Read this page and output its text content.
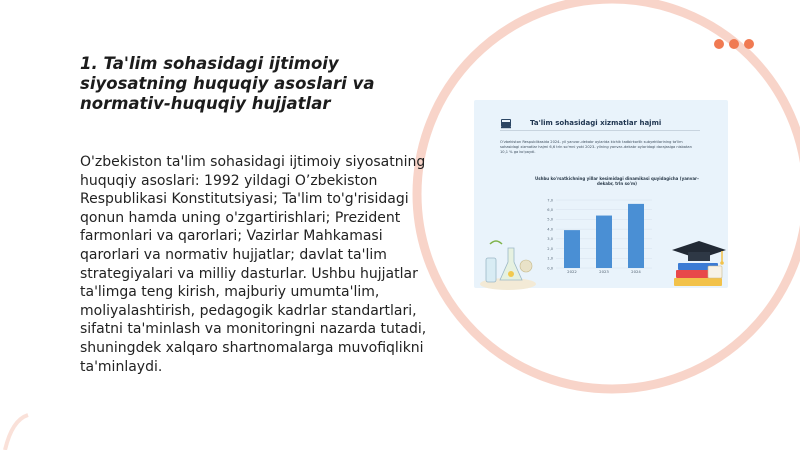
1. Ta'lim sohasidagi ijtimoiy siyosatning huquqiy asoslari va normativ-huquqiy hujjatlar

O'zbekiston ta'lim sohasidagi ijtimoiy siyosatning huquqiy asoslari: 1992 yildagi O’zbekiston Respublikasi Konstitutsiyasi; Ta'lim to'g'risidagi qonun hamda uning o'zgartirishlari; Prezident farmonlari va qarorlari; Vazirlar Mahkamasi qarorlari va normativ hujjatlar; davlat ta'lim strategiyalari va milliy dasturlar. Ushbu hujjatlar ta'limga teng kirish, majburiy umumta'lim, moliyalashtirish, pedagogik kadrlar standartlari, sifatni ta'minlash va monitoringni nazarda tutadi, shuningdek xalqaro shartnomalarga muvofiqlikni ta'minlaydi.

Ta'lim sohasidagi xizmatlar hajmi
O‘zbekiston Respublikasida 2024- yil yanvar–dekabr oylarida kichik tadbirkorlik subyektlarining ta'lim sohasidagi xizmatlar hajmi 6,6 trln so'mni yoki 2023- yilning yanvar–dekabr oylaridagi darajasiga nisbatan 10,1 % ga ko'paydi.
Ushbu ko'rsatkichning yillar kesimidagi dinamikasi quyidagicha (yanvar–dekabr, trln so'm)
0,0
1,0
2,0
3,0
4,0
5,0
6,0
7,0
2022	2023	2024
